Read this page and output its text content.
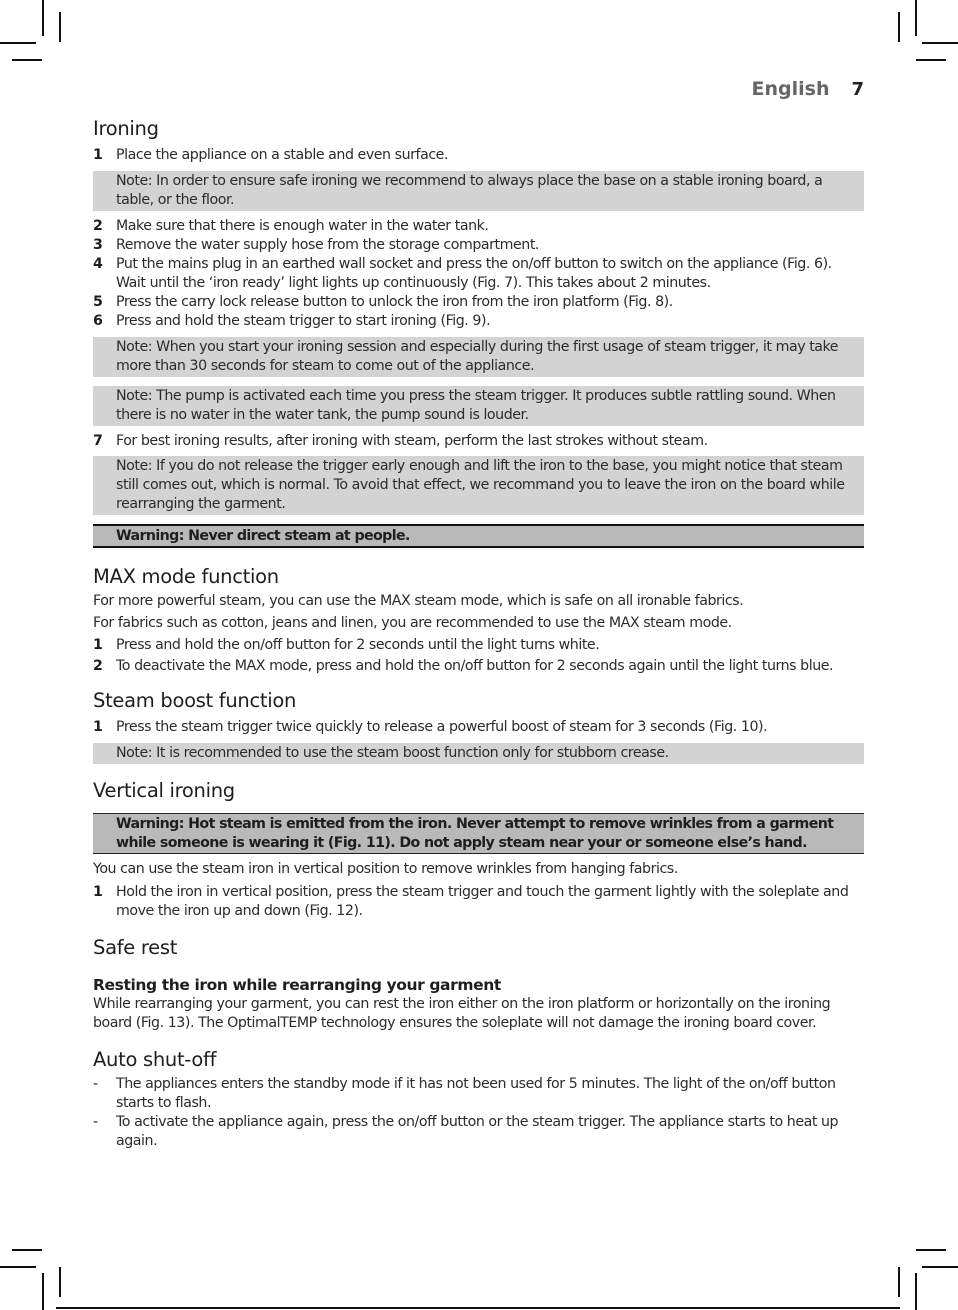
English 7
Ironing
1 Place the appliance on a stable and even surface.
Note: In order to ensure safe ironing we recommend to always place the base on a stable ironing board, a table, or the floor.
2 Make sure that there is enough water in the water tank.
3 Remove the water supply hose from the storage compartment.
4 Put the mains plug in an earthed wall socket and press the on/off button to switch on the appliance (Fig. 6). Wait until the ‘iron ready’ light lights up continuously (Fig. 7). This takes about 2 minutes.
5 Press the carry lock release button to unlock the iron from the iron platform (Fig. 8).
6 Press and hold the steam trigger to start ironing (Fig. 9).
Note: When you start your ironing session and especially during the first usage of steam trigger, it may take more than 30 seconds for steam to come out of the appliance.
Note: The pump is activated each time you press the steam trigger. It produces subtle rattling sound. When there is no water in the water tank, the pump sound is louder.
7 For best ironing results, after ironing with steam, perform the last strokes without steam.
Note: If you do not release the trigger early enough and lift the iron to the base, you might notice that steam still comes out, which is normal. To avoid that effect, we recommand you to leave the iron on the board while rearranging the garment.
Warning: Never direct steam at people.
MAX mode function

For more powerful steam, you can use the MAX steam mode, which is safe on all ironable fabrics.

For fabrics such as cotton, jeans and linen, you are recommended to use the MAX steam mode.

1 Press and hold the on/off button for 2 seconds until the light turns white.
2 To deactivate the MAX mode, press and hold the on/off button for 2 seconds again until the light turns blue.
Steam boost function
1 Press the steam trigger twice quickly to release a powerful boost of steam for 3 seconds (Fig. 10).
Note: It is recommended to use the steam boost function only for stubborn crease.
Vertical ironing
Warning: Hot steam is emitted from the iron. Never attempt to remove wrinkles from a garment while someone is wearing it (Fig. 11). Do not apply steam near your or someone else’s hand.

You can use the steam iron in vertical position to remove wrinkles from hanging fabrics.

1 Hold the iron in vertical position, press the steam trigger and touch the garment lightly with the soleplate and move the iron up and down (Fig. 12).
Safe rest
Resting the iron while rearranging your garment

While rearranging your garment, you can rest the iron either on the iron platform or horizontally on the ironing board (Fig. 13). The OptimalTEMP technology ensures the soleplate will not damage the ironing board cover.

Auto shut-off
-	The appliances enters the standby mode if it has not been used for 5 minutes. The light of the on/off button starts to flash.
-	To activate the appliance again, press the on/off button or the steam trigger. The appliance starts to heat up again.
